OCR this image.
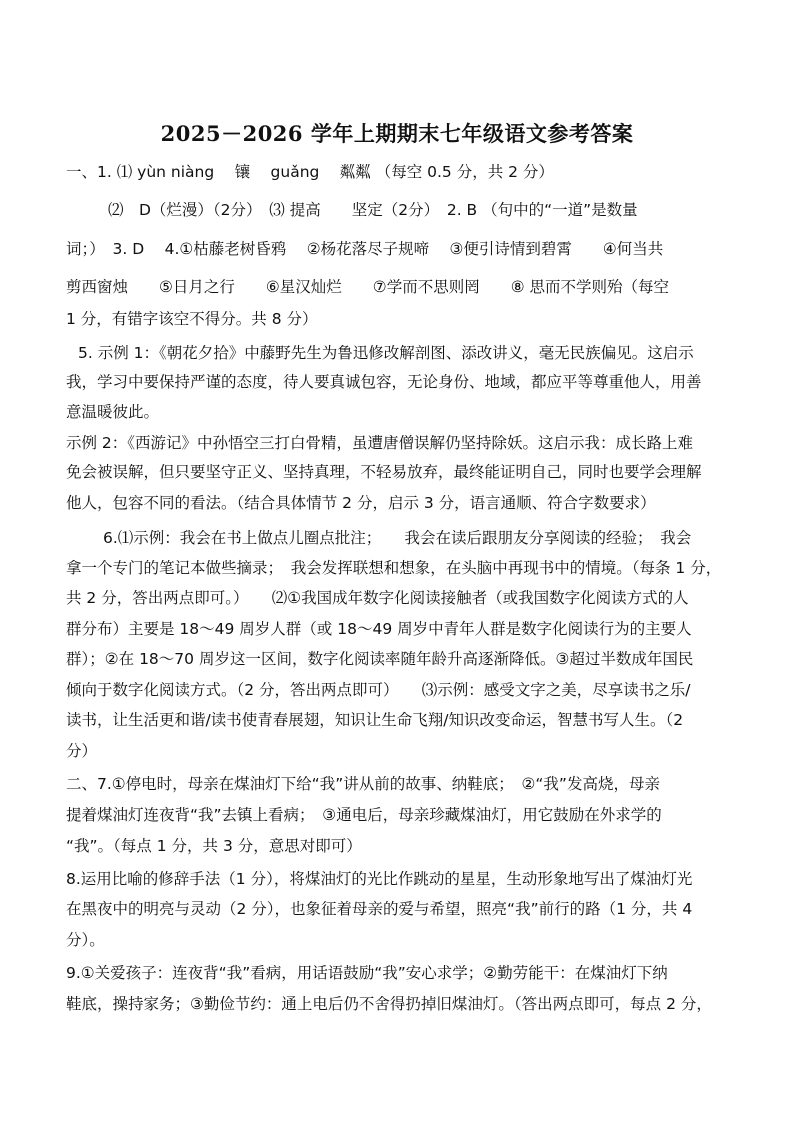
2025－2026 学年上期期末七年级语文参考答案
一、1. ⑴ yùn niàng　 镶　 guǎng　 粼粼 （每空 0.5 分，共 2 分）
⑵　D（烂漫）（2分）　⑶ 提高　　坚定（2分）　2. B （句中的“一道”是数量
词；）　3. D　 4.①枯藤老树昏鸦　 ②杨花落尽子规啼　 ③便引诗情到碧霄　　④何当共
剪西窗烛　　⑤日月之行　　⑥星汉灿烂　　⑦学而不思则罔　　⑧ 思而不学则殆（每空
1 分，有错字该空不得分。共 8 分）
5. 示例 1：《朝花夕拾》中藤野先生为鲁迅修改解剖图、添改讲义，毫无民族偏见。这启示
我，学习中要保持严谨的态度，待人要真诚包容，无论身份、地域，都应平等尊重他人，用善
意温暖彼此。
示例 2：《西游记》中孙悟空三打白骨精，虽遭唐僧误解仍坚持除妖。这启示我：成长路上难
免会被误解，但只要坚守正义、坚持真理，不轻易放弃，最终能证明自己，同时也要学会理解
他人，包容不同的看法。（结合具体情节 2 分，启示 3 分，语言通顺、符合字数要求）
6.⑴示例：我会在书上做点儿圈点批注；　　我会在读后跟朋友分享阅读的经验；　我会
拿一个专门的笔记本做些摘录；　我会发挥联想和想象，在头脑中再现书中的情境。（每条 1 分，
共 2 分，答出两点即可。）　　⑵①我国成年数字化阅读接触者（或我国数字化阅读方式的人
群分布）主要是 18～49 周岁人群（或 18～49 周岁中青年人群是数字化阅读行为的主要人
群）；②在 18～70 周岁这一区间，数字化阅读率随年龄升高逐渐降低。③超过半数成年国民
倾向于数字化阅读方式。（2 分，答出两点即可）　　⑶示例：感受文字之美，尽享读书之乐/
读书，让生活更和谐/读书使青春展翅，知识让生命飞翔/知识改变命运，智慧书写人生。（2
分）
二、7.①停电时，母亲在煤油灯下给“我”讲从前的故事、纳鞋底；　②“我”发高烧，母亲
提着煤油灯连夜背“我”去镇上看病；　③通电后，母亲珍藏煤油灯，用它鼓励在外求学的
“我”。（每点 1 分，共 3 分，意思对即可）
8.运用比喻的修辞手法（1 分），将煤油灯的光比作跳动的星星，生动形象地写出了煤油灯光
在黑夜中的明亮与灵动（2 分），也象征着母亲的爱与希望，照亮“我”前行的路（1 分，共 4
分）。
9.①关爱孩子：连夜背“我”看病，用话语鼓励“我”安心求学；②勤劳能干：在煤油灯下纳
鞋底，操持家务；③勤俭节约：通上电后仍不舍得扔掉旧煤油灯。（答出两点即可，每点 2 分，
